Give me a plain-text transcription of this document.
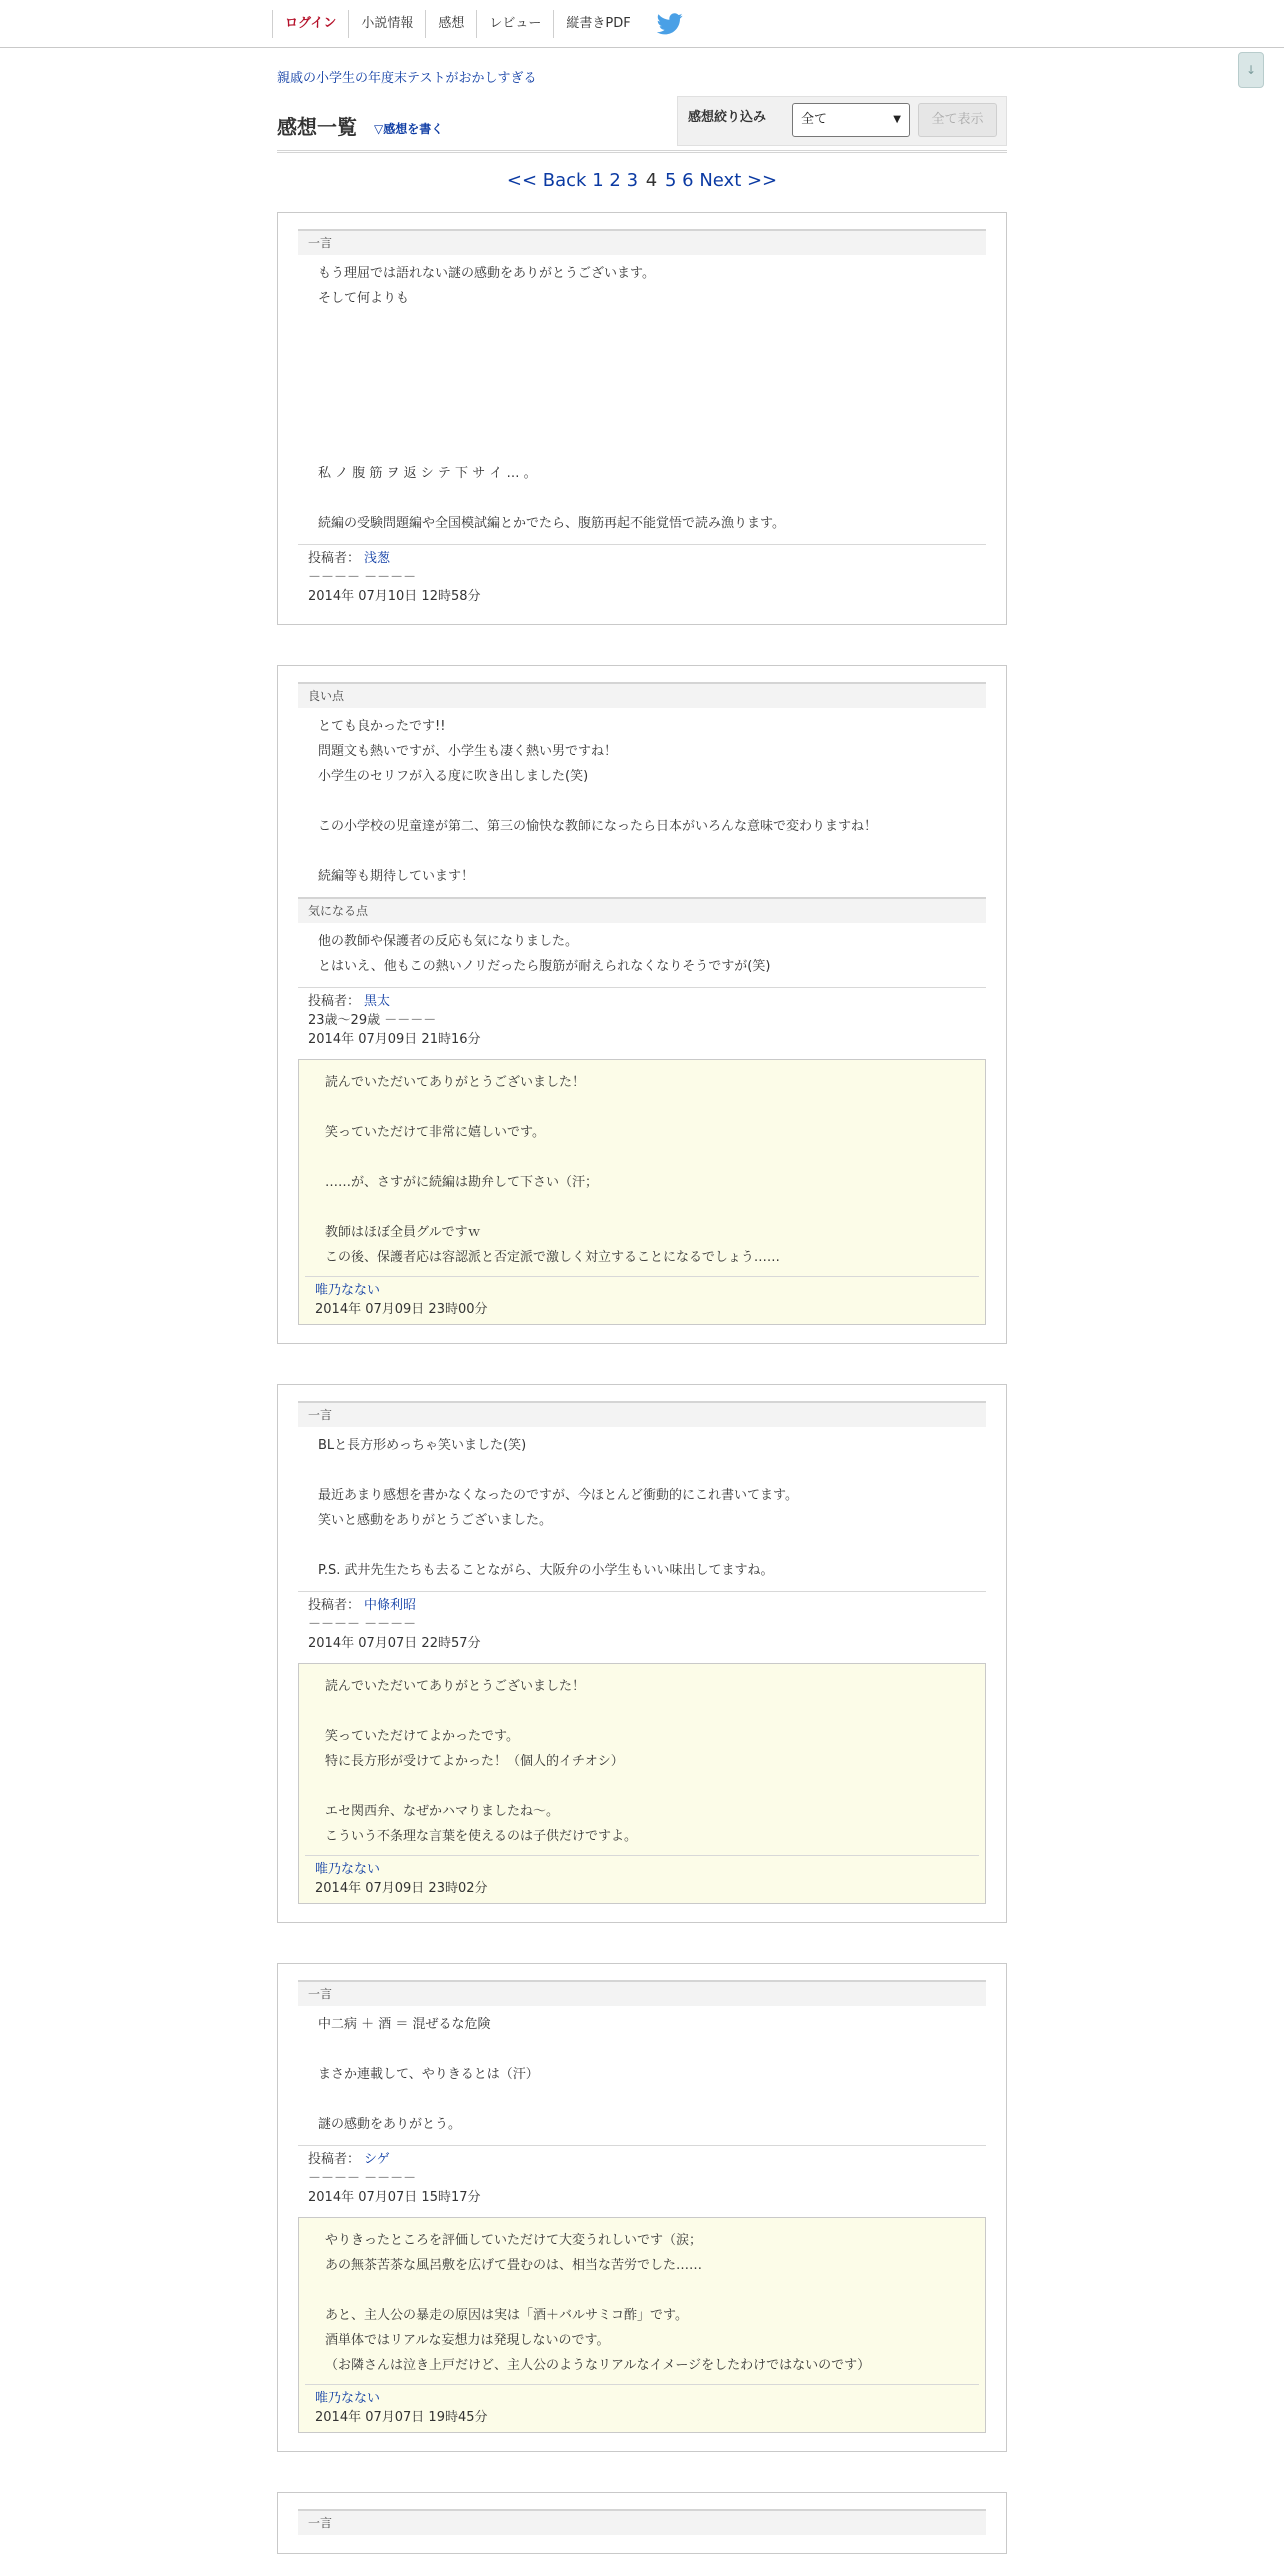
ログイン	小説情報	感想	レビュー	縦書きPDF
↓
親戚の小学生の年度末テストがおかしすぎる
感想一覧 ▽感想を書く
感想絞り込み	全て	▼	全て表示
<< Back 1 2 3 4 5 6 Next >>
一言
もう理屈では語れない謎の感動をありがとうございます。
そして何よりも
私 ノ 腹 筋 ヲ 返 シ テ 下 サ イ … 。
続編の受験問題編や全国模試編とかでたら、腹筋再起不能覚悟で読み漁ります。
投稿者： 浅葱
－－－－ －－－－
2014年 07月10日 12時58分
良い点
とても良かったです!!
問題文も熱いですが、小学生も凄く熱い男ですね！
小学生のセリフが入る度に吹き出しました(笑)
この小学校の児童達が第二、第三の愉快な教師になったら日本がいろんな意味で変わりますね！
続編等も期待しています！
気になる点
他の教師や保護者の反応も気になりました。
とはいえ、他もこの熱いノリだったら腹筋が耐えられなくなりそうですが(笑)
投稿者： 黒太
23歳～29歳 －－－－
2014年 07月09日 21時16分
読んでいただいてありがとうございました！
笑っていただけて非常に嬉しいです。
……が、さすがに続編は勘弁して下さい（汗；
教師はほぼ全員グルですｗ
この後、保護者応は容認派と否定派で激しく対立することになるでしょう……
唯乃なない
2014年 07月09日 23時00分
一言
BLと長方形めっちゃ笑いました(笑)
最近あまり感想を書かなくなったのですが、今ほとんど衝動的にこれ書いてます。
笑いと感動をありがとうございました。
P.S. 武井先生たちも去ることながら、大阪弁の小学生もいい味出してますね。
投稿者： 中條利昭
－－－－ －－－－
2014年 07月07日 22時57分
読んでいただいてありがとうございました！
笑っていただけてよかったです。
特に長方形が受けてよかった！（個人的イチオシ）
エセ関西弁、なぜかハマりましたね～。
こういう不条理な言葉を使えるのは子供だけですよ。
唯乃なない
2014年 07月09日 23時02分
一言
中二病 ＋ 酒 ＝ 混ぜるな危険
まさか連載して、やりきるとは（汗）
謎の感動をありがとう。
投稿者： シゲ
－－－－ －－－－
2014年 07月07日 15時17分
やりきったところを評価していただけて大変うれしいです（涙；
あの無茶苦茶な風呂敷を広げて畳むのは、相当な苦労でした……
あと、主人公の暴走の原因は実は「酒＋バルサミコ酢」です。
酒単体ではリアルな妄想力は発現しないのです。
（お隣さんは泣き上戸だけど、主人公のようなリアルなイメージをしたわけではないのです）
唯乃なない
2014年 07月07日 19時45分
一言
